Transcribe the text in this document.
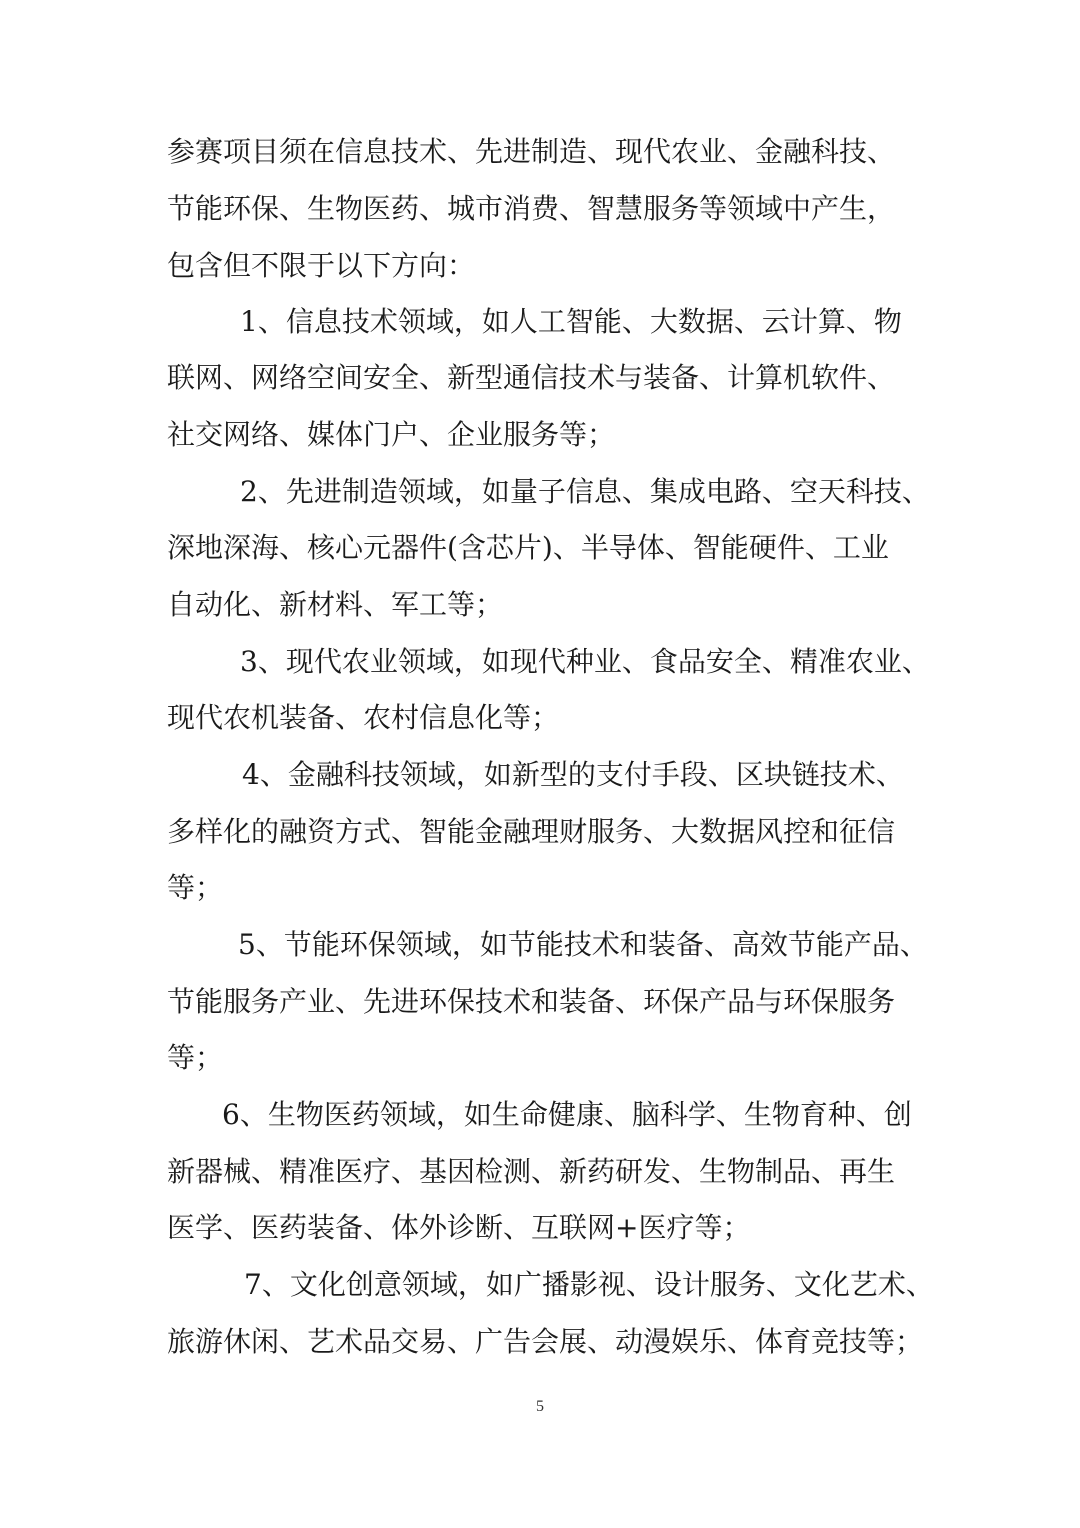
参赛项目须在信息技术、先进制造、现代农业、金融科技、
节能环保、生物医药、城市消费、智慧服务等领域中产生，
包含但不限于以下方向：
1、信息技术领域，如人工智能、大数据、云计算、物
联网、网络空间安全、新型通信技术与装备、计算机软件、
社交网络、媒体门户、企业服务等；
2、先进制造领域，如量子信息、集成电路、空天科技、
深地深海、核心元器件(含芯片)、半导体、智能硬件、工业
自动化、新材料、军工等；
3、现代农业领域，如现代种业、食品安全、精准农业、
现代农机装备、农村信息化等；
4、金融科技领域，如新型的支付手段、区块链技术、
多样化的融资方式、智能金融理财服务、大数据风控和征信
等；
5、节能环保领域，如节能技术和装备、高效节能产品、
节能服务产业、先进环保技术和装备、环保产品与环保服务
等；
6、生物医药领域，如生命健康、脑科学、生物育种、创
新器械、精准医疗、基因检测、新药研发、生物制品、再生
医学、医药装备、体外诊断、互联网+医疗等；
7、文化创意领域，如广播影视、设计服务、文化艺术、
旅游休闲、艺术品交易、广告会展、动漫娱乐、体育竞技等；
5
